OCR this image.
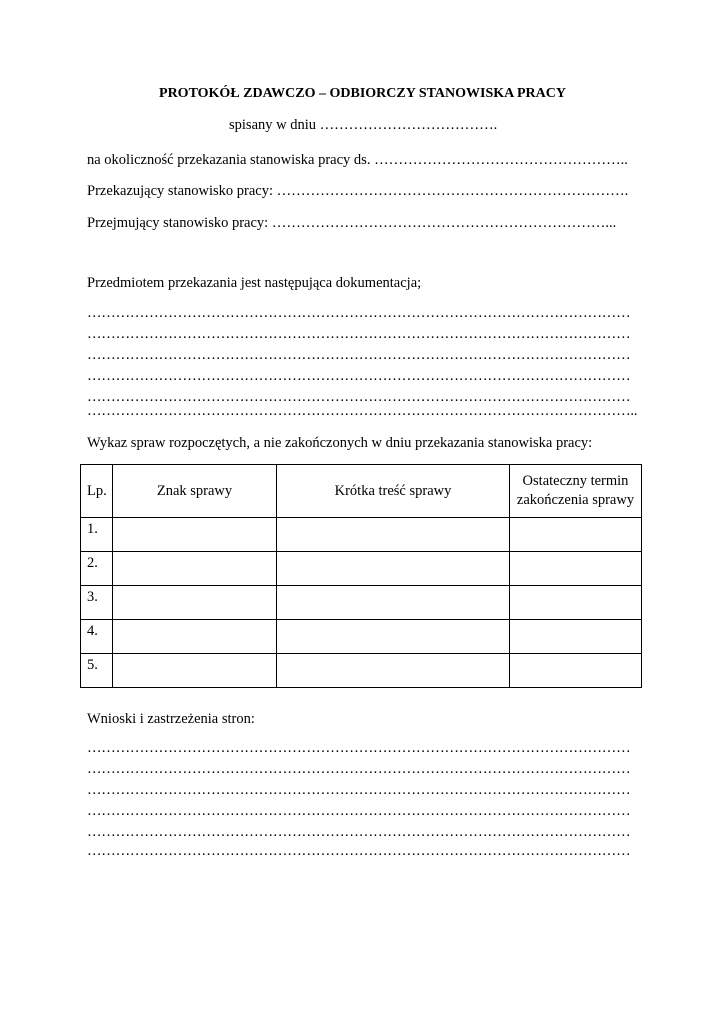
PROTOKÓŁ ZDAWCZO – ODBIORCZY STANOWISKA PRACY
spisany w dniu ……………………………….
na okoliczność przekazania stanowiska pracy ds. ……………………………………………..
Przekazujący stanowisko pracy: ……………………………………………………………….
Przejmujący stanowisko pracy: ……………………………………………………………...
Przedmiotem przekazania jest następująca dokumentacja;
……………………………………………………………………………………………………
……………………………………………………………………………………………………
……………………………………………………………………………………………………
……………………………………………………………………………………………………
……………………………………………………………………………………………………
……………………………………………………………………………………………………..
Wykaz spraw rozpoczętych, a nie zakończonych w dniu przekazania stanowiska pracy:
Lp.	Znak sprawy	Krótka treść sprawy	Ostateczny termin zakończenia sprawy
1.			
2.			
3.			
4.			
5.			
Wnioski i zastrzeżenia stron:
……………………………………………………………………………………………………
……………………………………………………………………………………………………
……………………………………………………………………………………………………
……………………………………………………………………………………………………
……………………………………………………………………………………………………
……………………………………………………………………………………………………
